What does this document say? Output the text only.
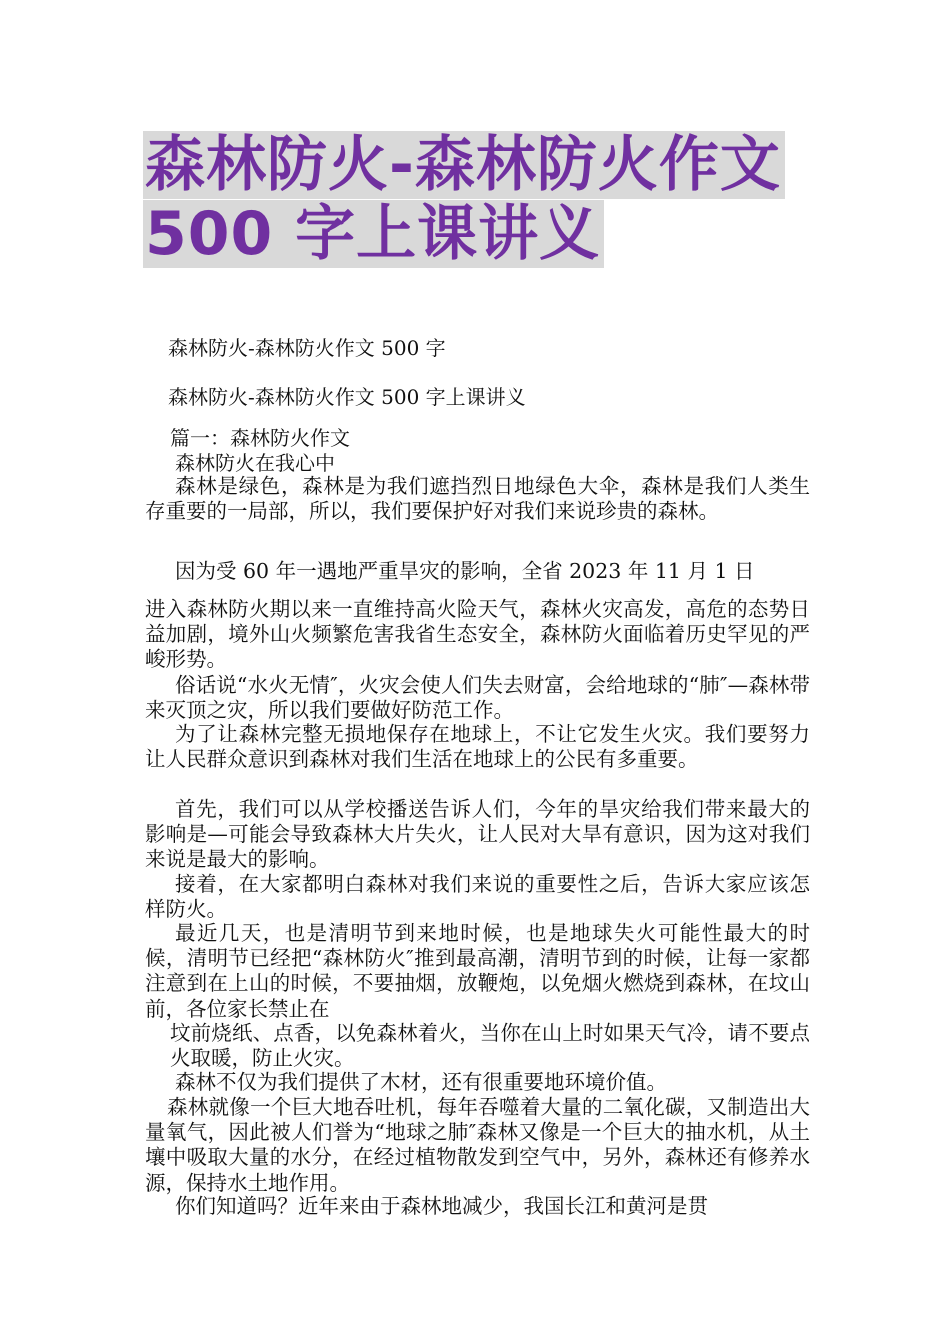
森林防火-森林防火作文
500 字上课讲义
森林防火-森林防火作文 500 字
森林防火-森林防火作文 500 字上课讲义
篇一：森林防火作文
森林防火在我心中
森林是绿色，森林是为我们遮挡烈日地绿色大伞，森林是我们人类生存重要的一局部，所以，我们要保护好对我们来说珍贵的森林。
因为受 60 年一遇地严重旱灾的影响，全省 2023 年 11 月 1 日
进入森林防火期以来一直维持高火险天气，森林火灾高发，高危的态势日益加剧，境外山火频繁危害我省生态安全，森林防火面临着历史罕见的严峻形势。
俗话说“水火无情″，火灾会使人们失去财富，会给地球的“肺″—森林带来灭顶之灾，所以我们要做好防范工作。
为了让森林完整无损地保存在地球上，不让它发生火灾。我们要努力让人民群众意识到森林对我们生活在地球上的公民有多重要。
首先，我们可以从学校播送告诉人们，今年的旱灾给我们带来最大的影响是—可能会导致森林大片失火，让人民对大旱有意识，因为这对我们来说是最大的影响。
接着，在大家都明白森林对我们来说的重要性之后，告诉大家应该怎样防火。
最近几天，也是清明节到来地时候，也是地球失火可能性最大的时候，清明节已经把“森林防火″推到最高潮，清明节到的时候，让每一家都注意到在上山的时候，不要抽烟，放鞭炮，以免烟火燃烧到森林，在坟山前，各位家长禁止在
坟前烧纸、点香，以免森林着火，当你在山上时如果天气冷，请不要点火取暖，防止火灾。
森林不仅为我们提供了木材，还有很重要地环境价值。
森林就像一个巨大地吞吐机，每年吞噬着大量的二氧化碳，又制造出大量氧气，因此被人们誉为“地球之肺″森林又像是一个巨大的抽水机，从土壤中吸取大量的水分，在经过植物散发到空气中，另外，森林还有修养水源，保持水土地作用。
你们知道吗？近年来由于森林地减少，我国长江和黄河是贯
